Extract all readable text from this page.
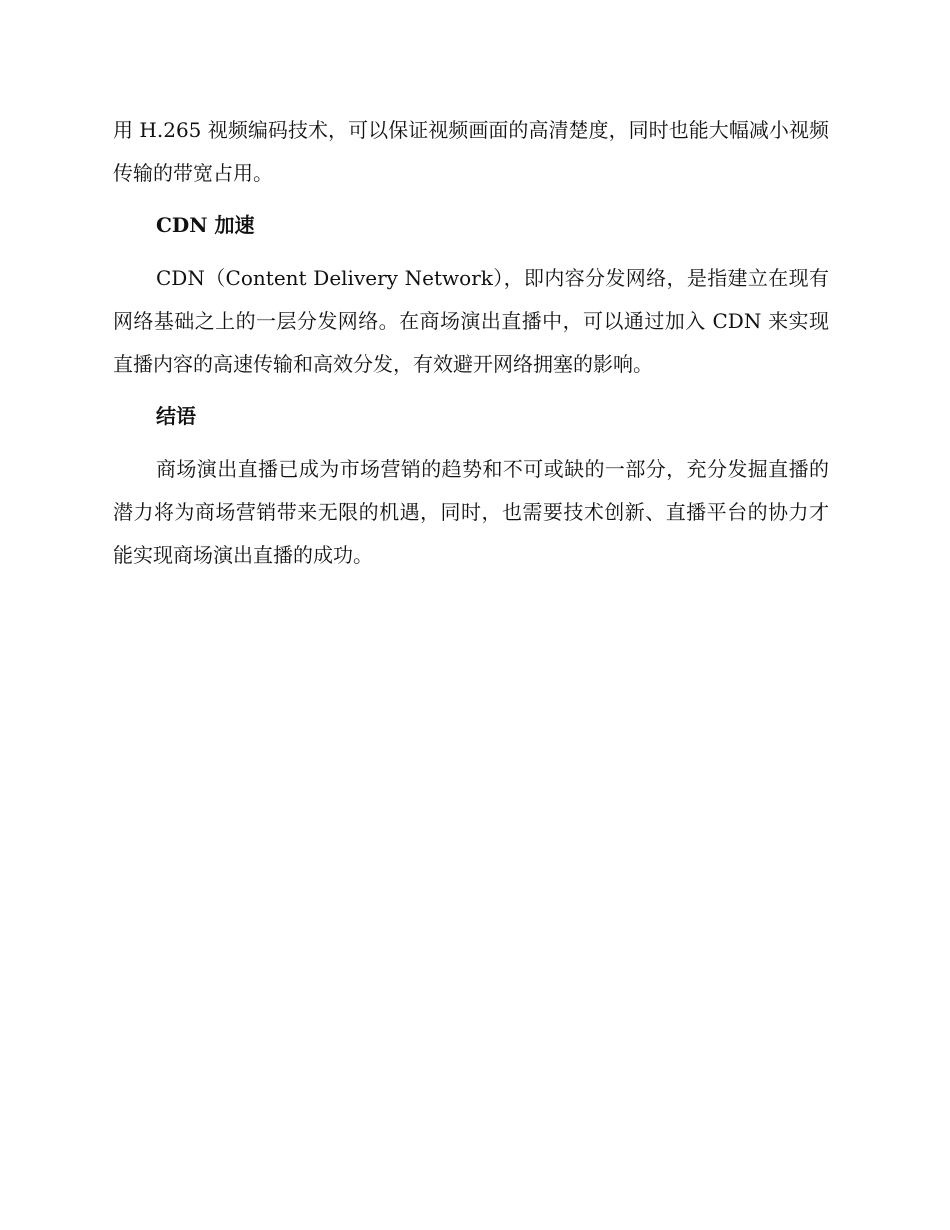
用 H.265 视频编码技术，可以保证视频画面的高清楚度，同时也能大幅减小视频传输的带宽占用。

CDN 加速

CDN（Content Delivery Network），即内容分发网络，是指建立在现有网络基础之上的一层分发网络。在商场演出直播中，可以通过加入 CDN 来实现直播内容的高速传输和高效分发，有效避开网络拥塞的影响。

结语

商场演出直播已成为市场营销的趋势和不可或缺的一部分，充分发掘直播的潜力将为商场营销带来无限的机遇，同时，也需要技术创新、直播平台的协力才能实现商场演出直播的成功。
